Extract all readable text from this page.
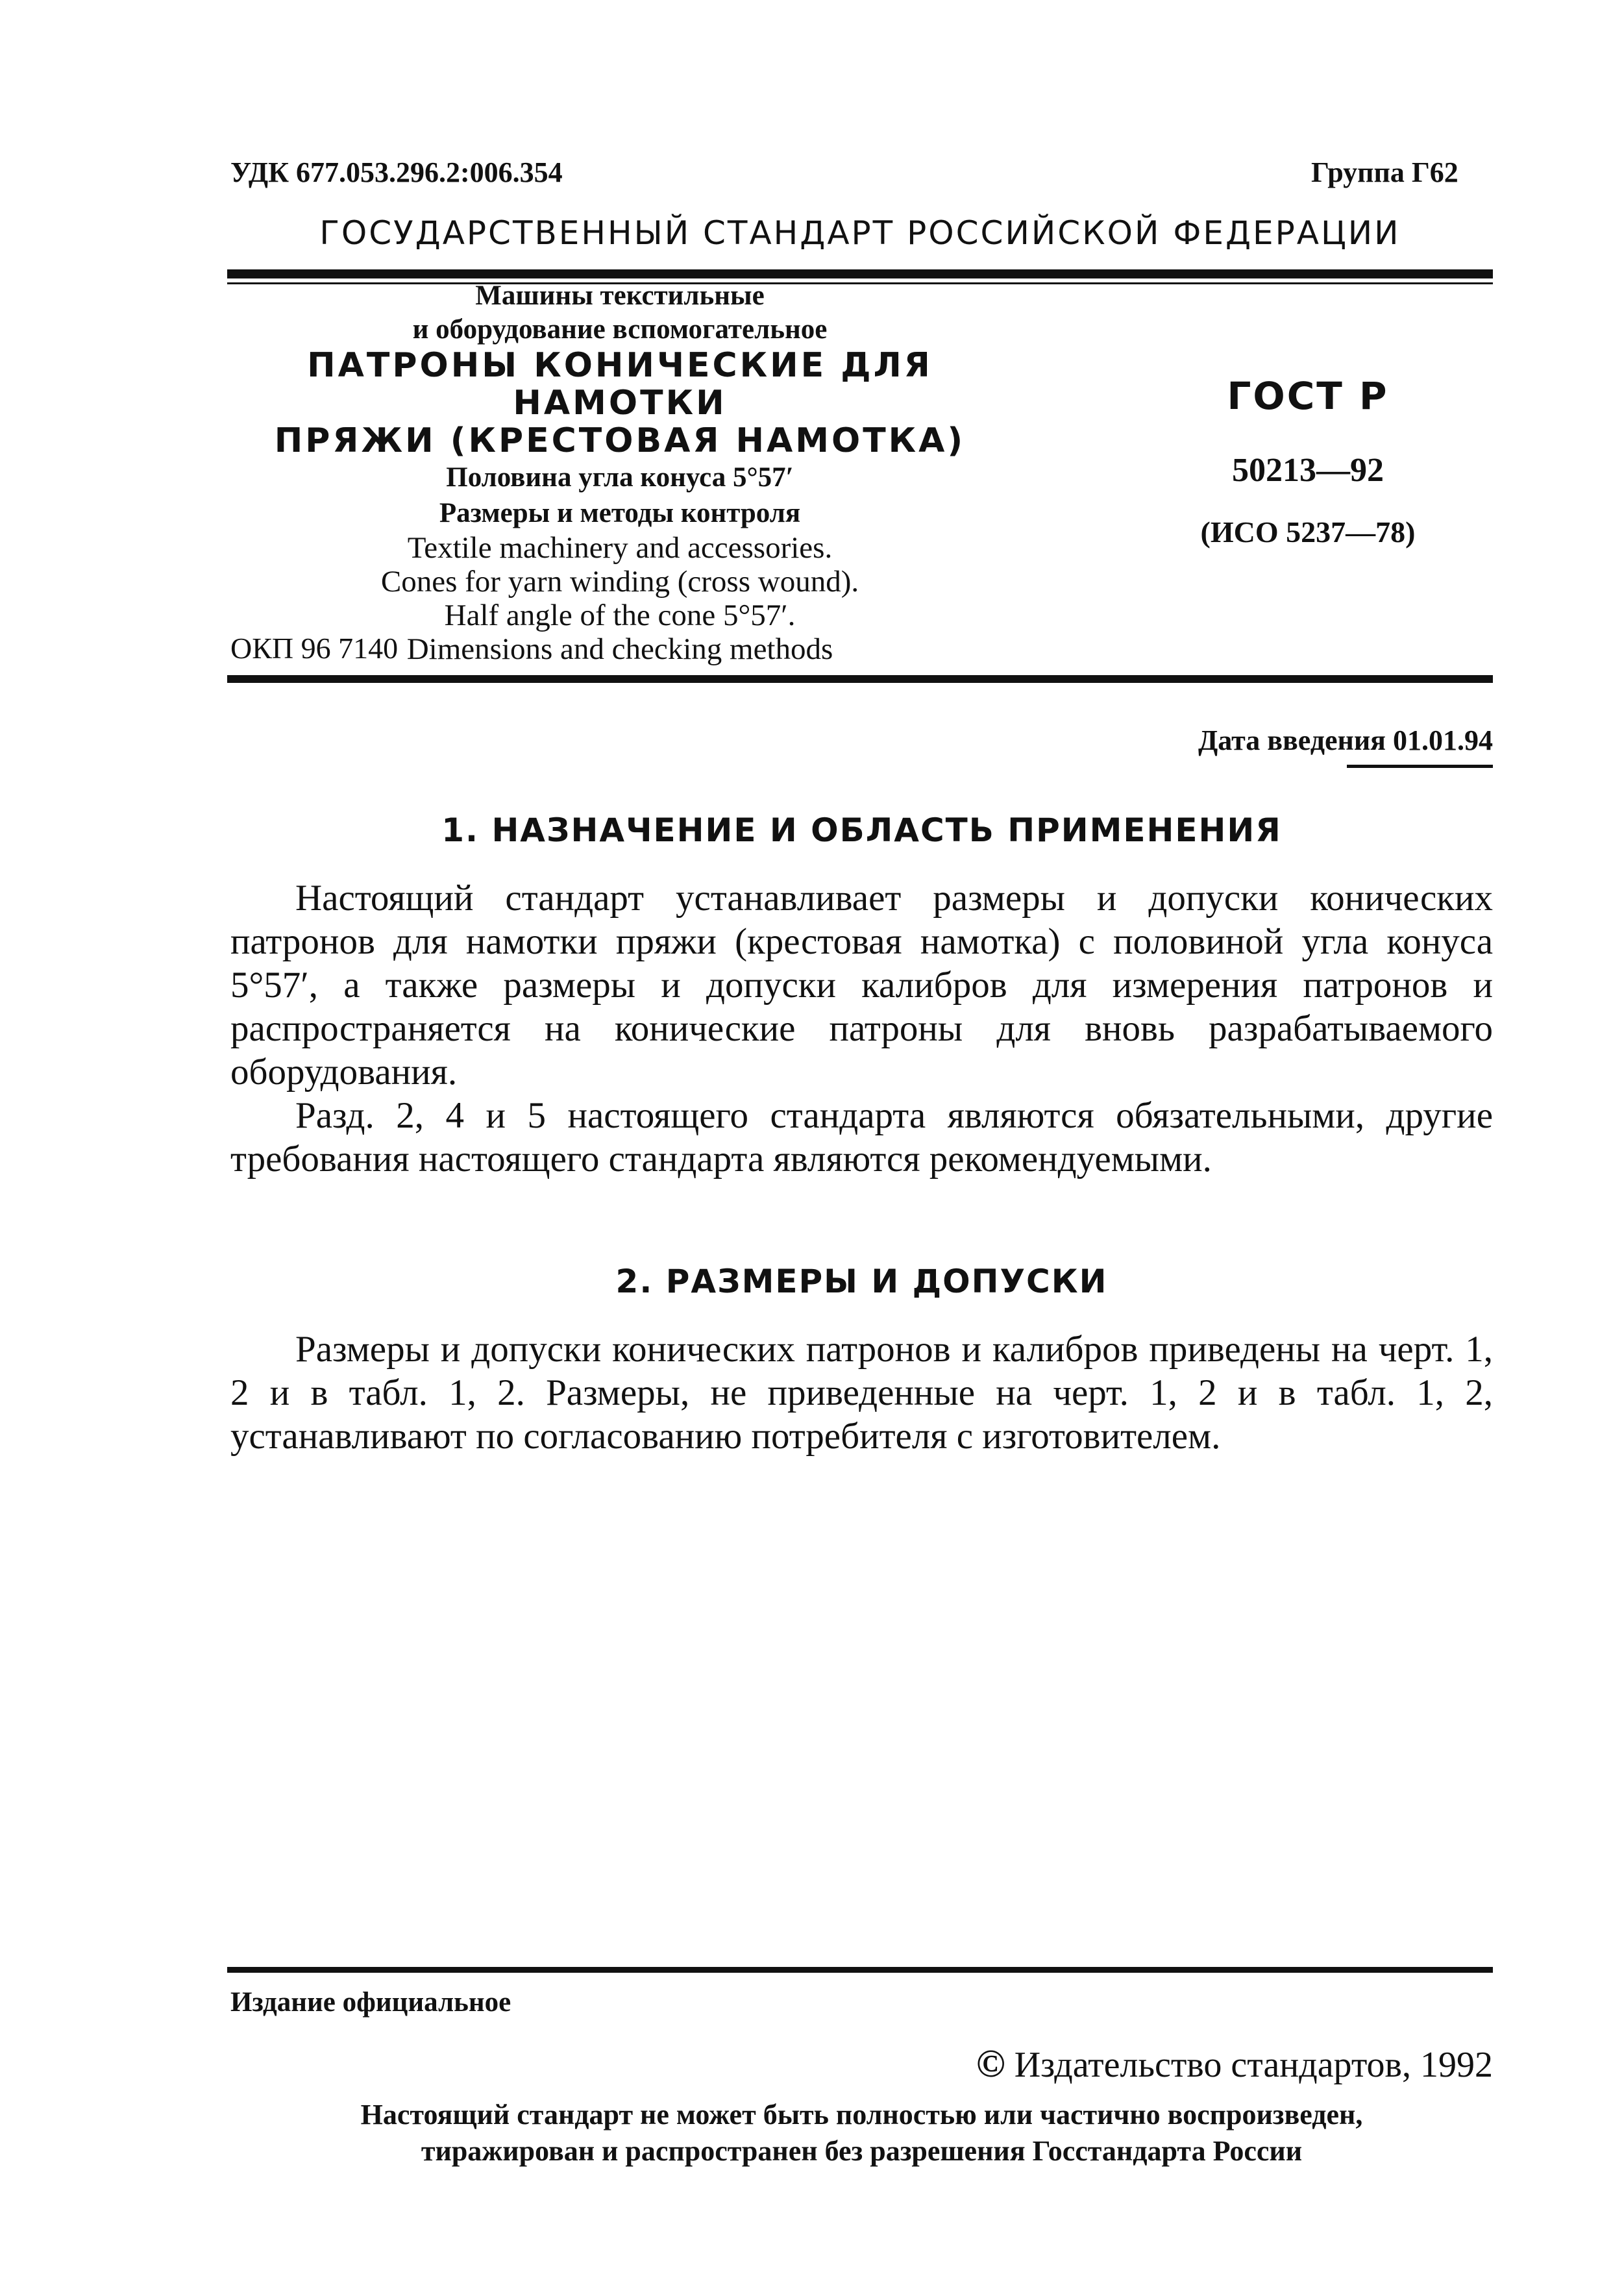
УДК 677.053.296.2:006.354	Группа Г62
ГОСУДАРСТВЕННЫЙ СТАНДАРТ РОССИЙСКОЙ ФЕДЕРАЦИИ
Машины текстильные
и оборудование вспомогательное
ПАТРОНЫ КОНИЧЕСКИЕ ДЛЯ НАМОТКИ
ПРЯЖИ (КРЕСТОВАЯ НАМОТКА)
Половина угла конуса 5°57′
Размеры и методы контроля
Textile machinery and accessories.
Cones for yarn winding (cross wound).
Half angle of the cone 5°57′.
Dimensions and checking methods
ОКП 96 7140
ГОСТ Р
50213—92
(ИСО 5237—78)
Дата введения 01.01.94
1. НАЗНАЧЕНИЕ И ОБЛАСТЬ ПРИМЕНЕНИЯ

Настоящий стандарт устанавливает размеры и допуски конических патронов для намотки пряжи (крестовая намотка) с половиной угла конуса 5°57′, а также размеры и допуски калибров для измерения патронов и распространяется на конические патроны для вновь разрабатываемого оборудования.

Разд. 2, 4 и 5 настоящего стандарта являются обязательными, другие требования настоящего стандарта являются рекомендуемыми.

2. РАЗМЕРЫ И ДОПУСКИ

Размеры и допуски конических патронов и калибров приведены на черт. 1, 2 и в табл. 1, 2. Размеры, не приведенные на черт. 1, 2 и в табл. 1, 2, устанавливают по согласованию потребителя с изготовителем.

Издание официальное
© Издательство стандартов, 1992
Настоящий стандарт не может быть полностью или частично воспроизведен,
тиражирован и распространен без разрешения Госстандарта России
